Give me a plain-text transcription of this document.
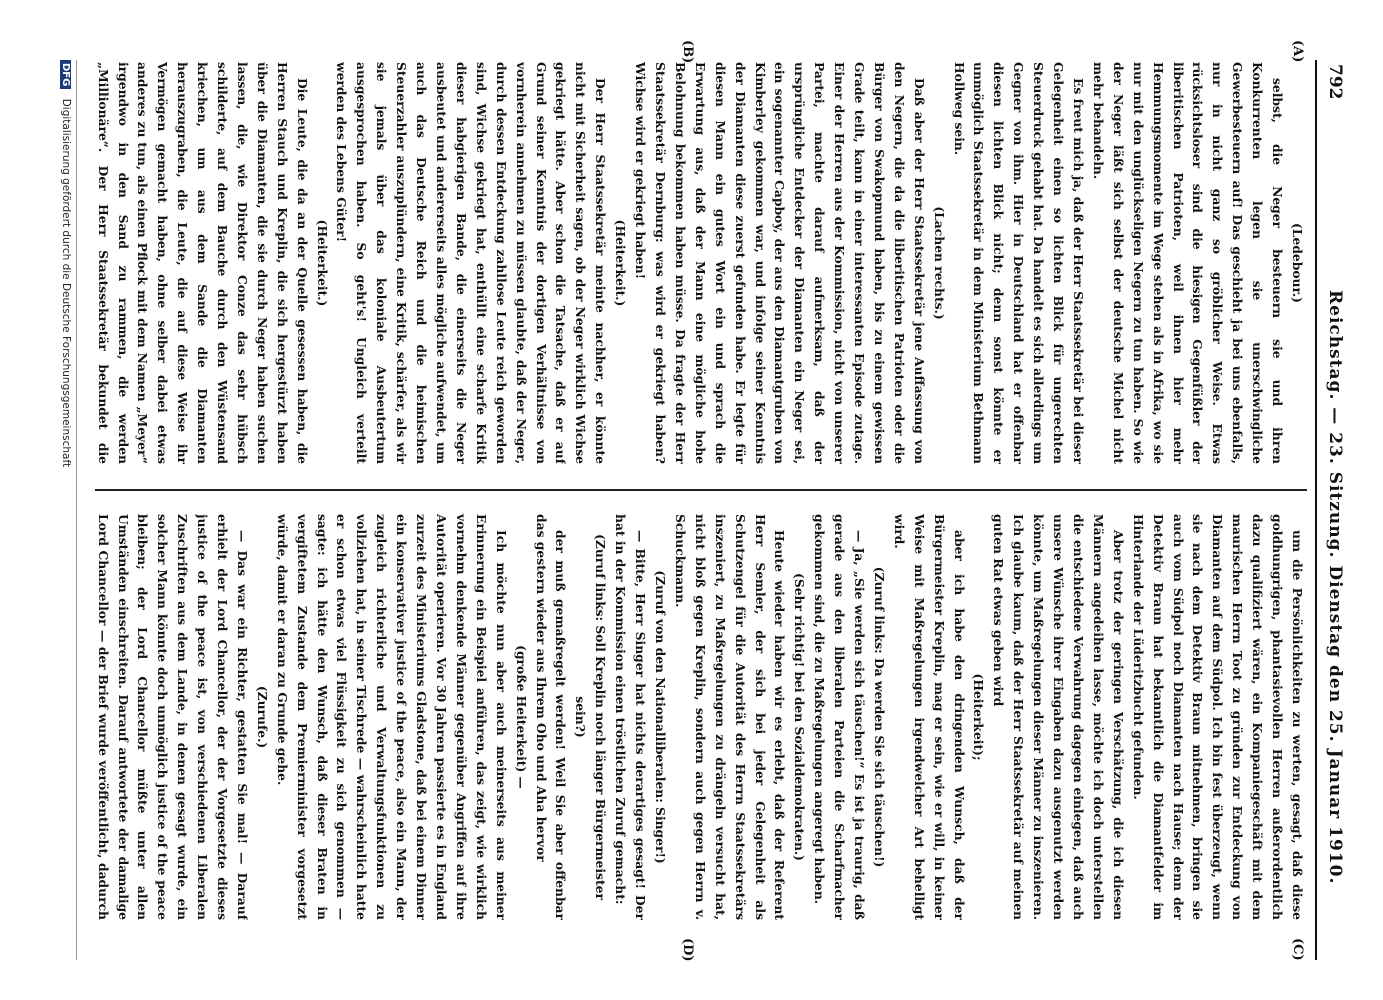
792
Reichstag. — 23. Sitzung. Dienstag den 25. Januar 1910.
(A)
(B)
(C)
(D)

(Ledebour.)

selbst, die Neger besteuern sie und ihren Konkurrenten legen sie unerschwingliche Gewerbesteuern auf! Das geschieht ja bei uns ebenfalls, nur in nicht ganz so gröblicher Weise. Etwas rücksichtsloser sind die hiesigen Gegenfüßler der liberitischen Patrioten, weil ihnen hier mehr Hemmungsmomente im Wege stehen als in Afrika, wo sie nur mit den unglückseligen Negern zu tun haben. So wie der Neger läßt sich selbst der deutsche Michel nicht mehr behandeln.

Es freut mich ja, daß der Herr Staatssekretär bei dieser Gelegenheit einen so lichten Blick für ungerechten Steuerdruck gehabt hat. Da handelt es sich allerdings um Gegner von ihm. Hier in Deutschland hat er offenbar diesen lichten Blick nicht; denn sonst könnte er unmöglich Staatssekretär in dem Ministerium Bethmann Hollweg sein.

(Lachen rechts.)

Daß aber der Herr Staatssekretär jene Auffassung von den Negern, die da die liberitischen Patrioten oder die Bürger von Swakopmund haben, bis zu einem gewissen Grade teilt, kann in einer interessanten Episode zutage. Einer der Herren aus der Kommission, nicht von unserer Partei, machte darauf aufmerksam, daß der ursprüngliche Entdecker der Diamanten ein Neger sei, ein sogenannter Capboy, der aus den Diamantgruben von Kimberley gekommen war, und infolge seiner Kenntnis der Diamanten diese zuerst gefunden habe. Er legte für diesen Mann ein gutes Wort ein und sprach die Erwartung aus, daß der Mann eine mögliche hohe Belohnung bekommen haben müsse. Da fragte der Herr Staatssekretär Dernburg: was wird er gekriegt haben? Wichse wird er gekriegt haben!

(Heiterkeit.)

Der Herr Staatssekretär meinte nachher, er könnte nicht mit Sicherheit sagen, ob der Neger wirklich Wichse gekriegt hätte. Aber schon die Tatsache, daß er auf Grund seiner Kenntnis der dortigen Verhältnisse von vornherein annehmen zu müssen glaubte, daß der Neger, durch dessen Entdeckung zahllose Leute reich geworden sind, Wichse gekriegt hat, enthüllt eine scharfe Kritik dieser habgierigen Bande, die einerseits die Neger ausbeutet und andererseits alles mögliche aufwendet, um auch das Deutsche Reich und die heimischen Steuerzahler auszuplündern, eine Kritik, schärfer, als wir sie jemals über das koloniale Ausbeutertum ausgesprochen haben. So geht's! Ungleich verteilt werden des Lebens Güter!

(Heiterkeit.)

Die Leute, die da an der Quelle gesessen haben, die Herren Stauch und Kreplin, die sich hergestürzt haben über die Diamanten, die sie durch Neger haben suchen lassen, die, wie Direktor Conze das sehr hübsch schilderte, auf dem Bauche durch den Wüstensand kriechen, um aus dem Sande die Diamanten herauszugraben, die Leute, die auf diese Weise ihr Vermögen gemacht haben, ohne selber dabei etwas anderes zu tun, als einen Pflock mit dem Namen „Meyer“ irgendwo in den Sand zu rammen, die werden „Millionäre“. Der Herr Staatssekretär bekundet die

um die Persönlichkeiten zu werten, gesagt, daß diese goldhungrigen, phantasievollen Herren außerordentlich dazu qualifiziert wären, ein Kompaniegeschäft mit dem maurischen Herrn Toot zu gründen zur Entdeckung von Diamanten auf dem Südpol. Ich bin fest überzeugt, wenn sie nach dem Detektiv Braun mitnehmen, bringen sie auch vom Südpol noch Diamanten nach Hause; denn der Detektiv Braun hat bekanntlich die Diamantfelder im Hinterlande der Lüderitzbucht gefunden.

Aber trotz der geringen Verschätzung, die ich diesen Männern angedeihen lasse, möchte ich doch unterstellen die entschiedene Verwahrung dagegen einlegen, daß auch unsere Wünsche ihrer Eingaben dazu ausgenutzt werden könnte, um Maßregelungen dieser Männer zu inszenieren. Ich glaube kaum, daß der Herr Staatssekretär auf meinen guten Rat etwas geben wird

(Heiterkeit);

aber ich habe den dringenden Wunsch, daß der Bürgermeister Kreplin, mag er sein, wie er will, in keiner Weise mit Maßregelungen irgendwelcher Art behelligt wird.

(Zuruf links: Da werden Sie sich täuschen!)

— Ja, „Sie werden sich täuschen!“ Es ist ja traurig, daß gerade aus den liberalen Parteien die Scharfmacher gekommen sind, die zu Maßregelungen angeregt haben.

(Sehr richtig! bei den Sozialdemokraten.)

Heute wieder haben wir es erlebt, daß der Referent Herr Semler, der sich bei jeder Gelegenheit als Schutzengel für die Autorität des Herrn Staatssekretärs inszeniert, zu Maßregelungen zu drängeln versucht hat, nicht bloß gegen Kreplin, sondern auch gegen Herrn v. Schuckmann.

(Zuruf von den Nationalliberalen: Singer!)

— Bitte, Herr Singer hat nichts derartiges gesagt! Der hat in der Kommission einen tröstlichen Zuruf gemacht:

(Zuruf links: Soll Kreplin noch länger Bürgermeister sein?)

der muß gemaßregelt werden! Weil Sie aber offenbar das gestern wieder aus Ihrem Oho und Aha hervor

(große Heiterkeit) —

Ich möchte nun aber auch meinerseits aus meiner Erinnerung ein Beispiel anführen, das zeigt, wie wirklich vornehm denkende Männer gegenüber Angriffen auf ihre Autorität operieren. Vor 30 Jahren passierte es in England zurzeit des Ministeriums Gladstone, daß bei einem Dinner ein konservativer justice of the peace, also ein Mann, der zugleich richterliche und Verwaltungsfunktionen zu vollziehen hat, in seiner Tischrede — wahrscheinlich hatte er schon etwas viel Flüssigkeit zu sich genommen — sagte: ich hätte den Wunsch, daß dieser Braten in vergiftetem Zustande dem Premierminister vorgesetzt würde, damit er daran zu Grunde gehe.

(Zurufe.)

— Das war ein Richter, gestatten Sie mal! — Darauf erhielt der Lord Chancellor, der der Vorgesetzte dieses justice of the peace ist, von verschiedenen Liberalen Zuschriften aus dem Lande, in denen gesagt wurde, ein solcher Mann könnte doch unmöglich justice of the peace bleiben; der Lord Chancellor müßte unter allen Umständen einschreiten. Darauf antwortete der damalige Lord Chancellor — der Brief wurde veröffentlicht, dadurch

DFG Digitalisierung gefördert durch die Deutsche Forschungsgemeinschaft
